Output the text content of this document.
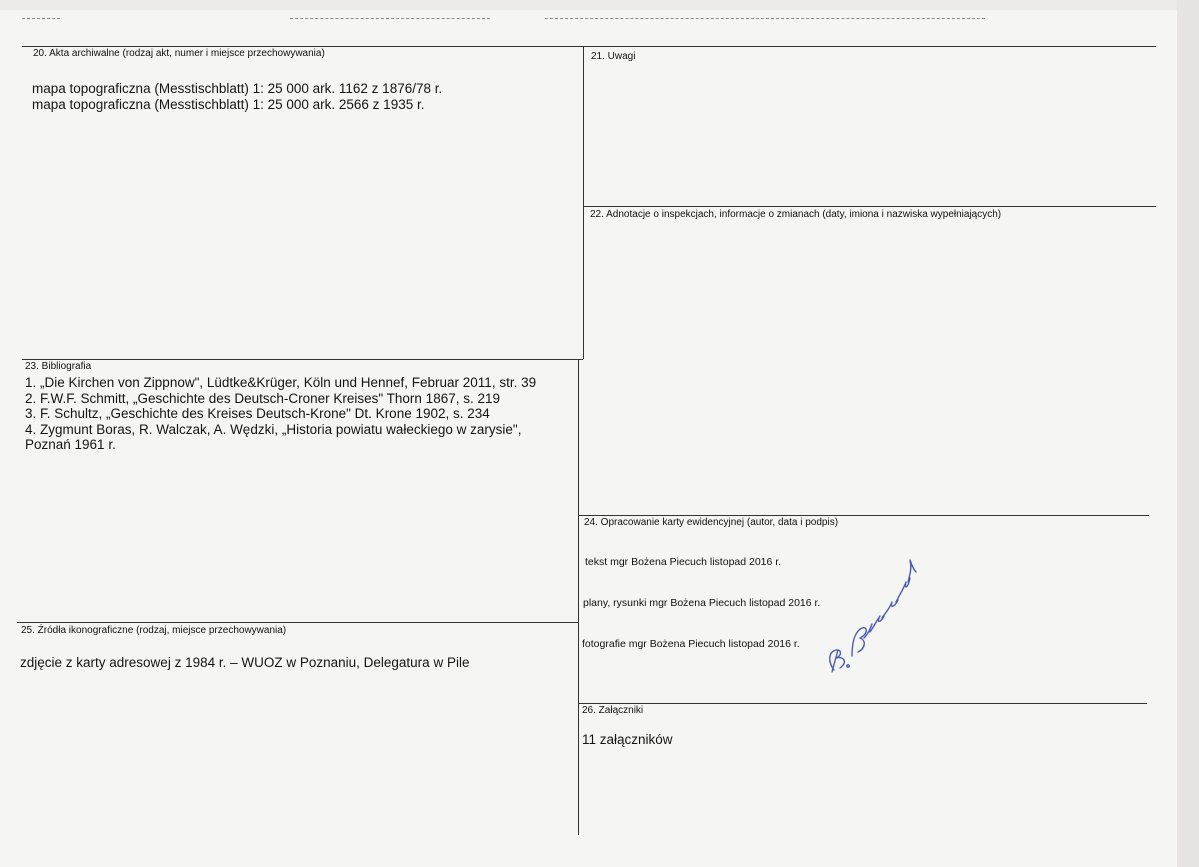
20. Akta archiwalne (rodzaj akt, numer i miejsce przechowywania)
mapa topograficzna (Messtischblatt) 1: 25 000 ark. 1162 z 1876/78 r.
mapa topograficzna (Messtischblatt) 1: 25 000 ark. 2566 z 1935 r.
21. Uwagi
22. Adnotacje o inspekcjach, informacje o zmianach (daty, imiona i nazwiska wypełniających)
23. Bibliografia
1. „Die Kirchen von Zippnow", Lüdtke&Krüger, Köln und Hennef, Februar 2011, str. 39
2. F.W.F. Schmitt, „Geschichte des Deutsch-Croner Kreises" Thorn 1867, s. 219
3. F. Schultz, „Geschichte des Kreises Deutsch-Krone" Dt. Krone 1902, s. 234
4. Zygmunt Boras, R. Walczak, A. Wędzki, „Historia powiatu wałeckiego w zarysie",
Poznań 1961 r.
24. Opracowanie karty ewidencyjnej (autor, data i podpis)
tekst mgr Bożena Piecuch listopad 2016 r.
plany, rysunki mgr Bożena Piecuch listopad 2016 r.
fotografie mgr Bożena Piecuch listopad 2016 r.
25. Źródła ikonograficzne (rodzaj, miejsce przechowywania)
zdjęcie z karty adresowej z 1984 r. – WUOZ w Poznaniu, Delegatura w Pile
26. Załączniki
11 załączników
